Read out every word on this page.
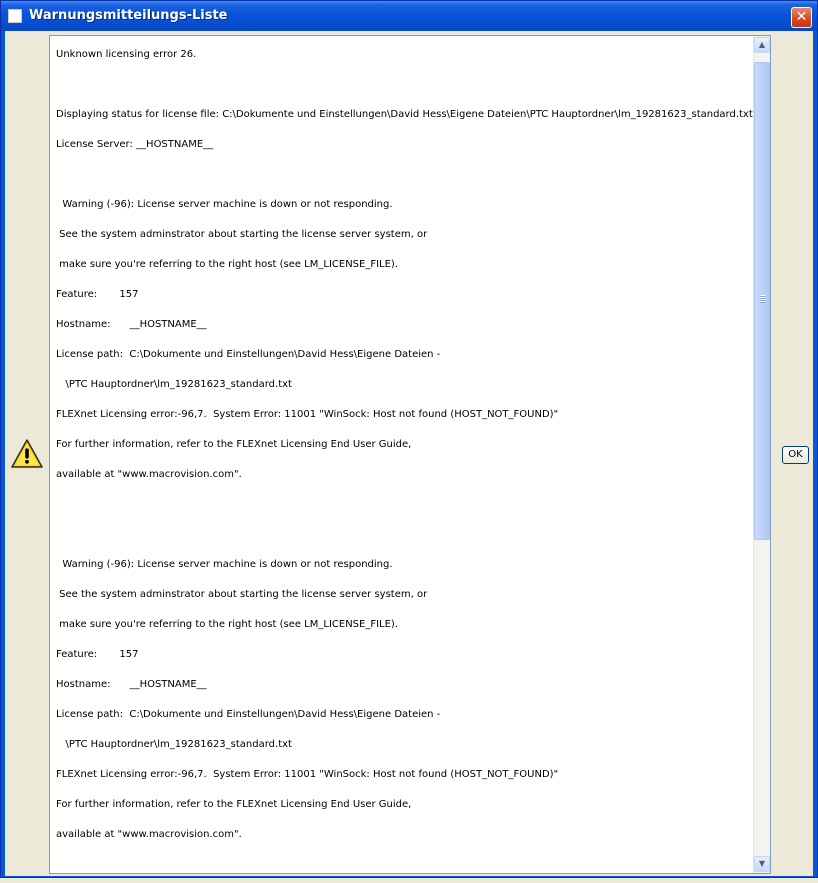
Warnungsmitteilungs-Liste	✕
Unknown licensing error 26.
Displaying status for license file: C:\Dokumente und Einstellungen\David Hess\Eigene Dateien\PTC Hauptordner\lm_19281623_standard.txt
License Server: __HOSTNAME__
Warning (-96): License server machine is down or not responding.
See the system adminstrator about starting the license server system, or
make sure you're referring to the right host (see LM_LICENSE_FILE).
Feature:       157
Hostname:      __HOSTNAME__
License path:  C:\Dokumente und Einstellungen\David Hess\Eigene Dateien -
\PTC Hauptordner\lm_19281623_standard.txt
FLEXnet Licensing error:-96,7.  System Error: 11001 "WinSock: Host not found (HOST_NOT_FOUND)"
For further information, refer to the FLEXnet Licensing End User Guide,
available at "www.macrovision.com".
Warning (-96): License server machine is down or not responding.
See the system adminstrator about starting the license server system, or
make sure you're referring to the right host (see LM_LICENSE_FILE).
Feature:       157
Hostname:      __HOSTNAME__
License path:  C:\Dokumente und Einstellungen\David Hess\Eigene Dateien -
\PTC Hauptordner\lm_19281623_standard.txt
FLEXnet Licensing error:-96,7.  System Error: 11001 "WinSock: Host not found (HOST_NOT_FOUND)"
For further information, refer to the FLEXnet Licensing End User Guide,
available at "www.macrovision.com".
▲
▼
OK
